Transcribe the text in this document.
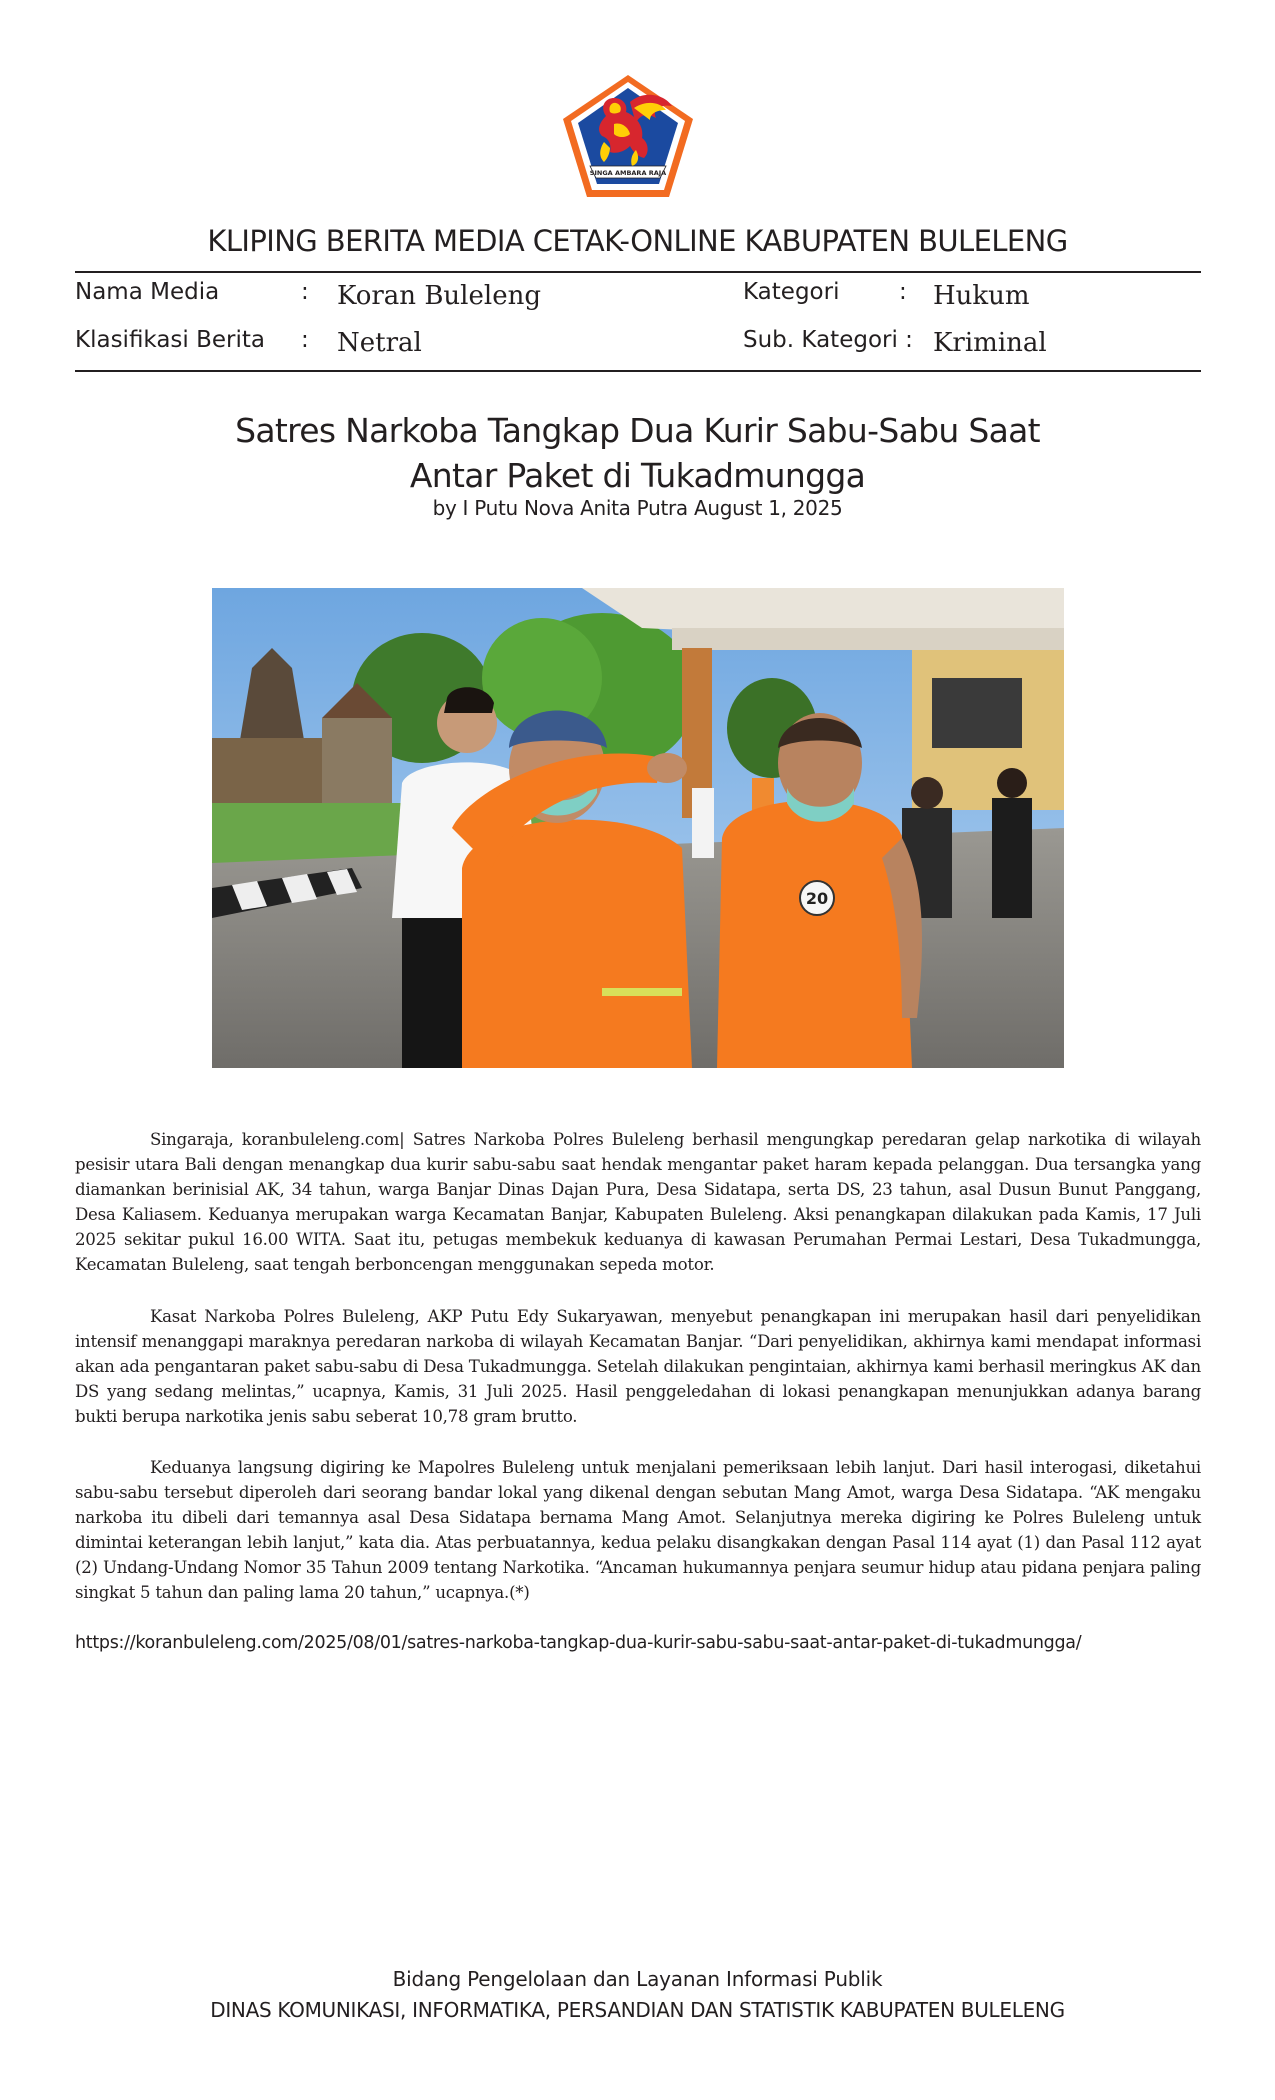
SINGA AMBARA RAJA
KLIPING BERITA MEDIA CETAK-ONLINE KABUPATEN BULELENG
Nama Media	: Koran Buleleng	Kategori	: Hukum
Klasifikasi Berita : Netral	Sub. Kategori : Kriminal
Satres Narkoba Tangkap Dua Kurir Sabu-Sabu Saat
Antar Paket di Tukadmungga
by I Putu Nova Anita Putra August 1, 2025
20

Singaraja, koranbuleleng.com| Satres Narkoba Polres Buleleng berhasil mengungkap peredaran gelap narkotika di wilayah pesisir utara Bali dengan menangkap dua kurir sabu-sabu saat hendak mengantar paket haram kepada pelanggan. Dua tersangka yang diamankan berinisial AK, 34 tahun, warga Banjar Dinas Dajan Pura, Desa Sidatapa, serta DS, 23 tahun, asal Dusun Bunut Panggang, Desa Kaliasem. Keduanya merupakan warga Kecamatan Banjar, Kabupaten Buleleng. Aksi penangkapan dilakukan pada Kamis, 17 Juli 2025 sekitar pukul 16.00 WITA. Saat itu, petugas membekuk keduanya di kawasan Perumahan Permai Lestari, Desa Tukadmungga, Kecamatan Buleleng, saat tengah berboncengan menggunakan sepeda motor.

Kasat Narkoba Polres Buleleng, AKP Putu Edy Sukaryawan, menyebut penangkapan ini merupakan hasil dari penyelidikan intensif menanggapi maraknya peredaran narkoba di wilayah Kecamatan Banjar. “Dari penyelidikan, akhirnya kami mendapat informasi akan ada pengantaran paket sabu-sabu di Desa Tukadmungga. Setelah dilakukan pengintaian, akhirnya kami berhasil meringkus AK dan DS yang sedang melintas,” ucapnya, Kamis, 31 Juli 2025. Hasil penggeledahan di lokasi penangkapan menunjukkan adanya barang bukti berupa narkotika jenis sabu seberat 10,78 gram brutto.

Keduanya langsung digiring ke Mapolres Buleleng untuk menjalani pemeriksaan lebih lanjut. Dari hasil interogasi, diketahui sabu-sabu tersebut diperoleh dari seorang bandar lokal yang dikenal dengan sebutan Mang Amot, warga Desa Sidatapa. “AK mengaku narkoba itu dibeli dari temannya asal Desa Sidatapa bernama Mang Amot. Selanjutnya mereka digiring ke Polres Buleleng untuk dimintai keterangan lebih lanjut,” kata dia. Atas perbuatannya, kedua pelaku disangkakan dengan Pasal 114 ayat (1) dan Pasal 112 ayat (2) Undang-Undang Nomor 35 Tahun 2009 tentang Narkotika. “Ancaman hukumannya penjara seumur hidup atau pidana penjara paling singkat 5 tahun dan paling lama 20 tahun,” ucapnya.(*)

https://koranbuleleng.com/2025/08/01/satres-narkoba-tangkap-dua-kurir-sabu-sabu-saat-antar-paket-di-tukadmungga/
Bidang Pengelolaan dan Layanan Informasi Publik
DINAS KOMUNIKASI, INFORMATIKA, PERSANDIAN DAN STATISTIK KABUPATEN BULELENG
